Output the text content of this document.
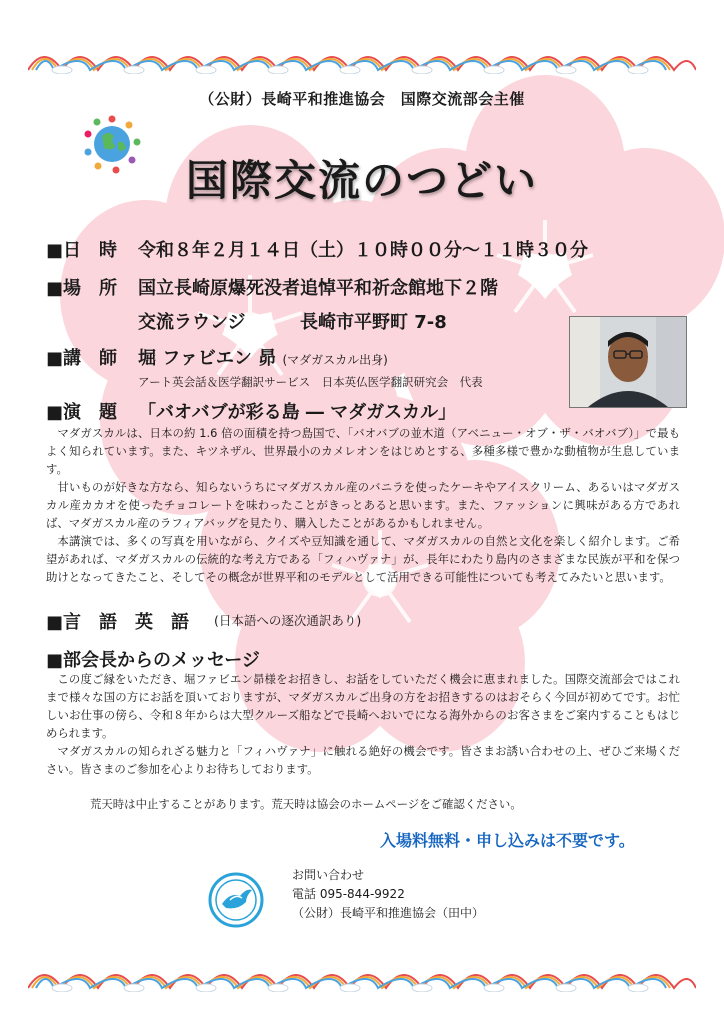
（公財）長崎平和推進協会　国際交流部会主催
国際交流のつどい
■日　時 令和８年２月１４日（土）１０時００分～１１時３０分
■場　所 国立長崎原爆死没者追悼平和祈念館地下２階
交流ラウンジ	長崎市平野町 7-8
■講　師 堀 ファビエン 昴 (マダガスカル出身)
アート英会話＆医学翻訳サービス　日本英仏医学翻訳研究会　代表
■演　題 「バオバブが彩る島 ― マダガスカル」

マダガスカルは、日本の約 1.6 倍の面積を持つ島国で、「バオバブの並木道（アベニュー・オブ・ザ・バオバブ）」で最もよく知られています。また、キツネザル、世界最小のカメレオンをはじめとする、多種多様で豊かな動植物が生息しています。

甘いものが好きな方なら、知らないうちにマダガスカル産のバニラを使ったケーキやアイスクリーム、あるいはマダガスカル産カカオを使ったチョコレートを味わったことがきっとあると思います。また、ファッションに興味がある方であれば、マダガスカル産のラフィアバッグを見たり、購入したことがあるかもしれません。

本講演では、多くの写真を用いながら、クイズや豆知識を通して、マダガスカルの自然と文化を楽しく紹介します。ご希望があれば、マダガスカルの伝統的な考え方である「フィハヴァナ」が、長年にわたり島内のさまざまな民族が平和を保つ助けとなってきたこと、そしてその概念が世界平和のモデルとして活用できる可能性についても考えてみたいと思います。

■言　語　英　語 (日本語への逐次通訳あり)
■部会長からのメッセージ

この度ご縁をいただき、堀ファビエン昴様をお招きし、お話をしていただく機会に恵まれました。国際交流部会ではこれまで様々な国の方にお話を頂いておりますが、マダガスカルご出身の方をお招きするのはおそらく今回が初めてです。お忙しいお仕事の傍ら、令和８年からは大型クルーズ船などで長崎へおいでになる海外からのお客さまをご案内することもはじめられます。

マダガスカルの知られざる魅力と「フィハヴァナ」に触れる絶好の機会です。皆さまお誘い合わせの上、ぜひご来場ください。皆さまのご参加を心よりお待ちしております。

荒天時は中止することがあります。荒天時は協会のホームページをご確認ください。
入場料無料・申し込みは不要です。
お問い合わせ
電話 095-844-9922
（公財）長崎平和推進協会（田中）
